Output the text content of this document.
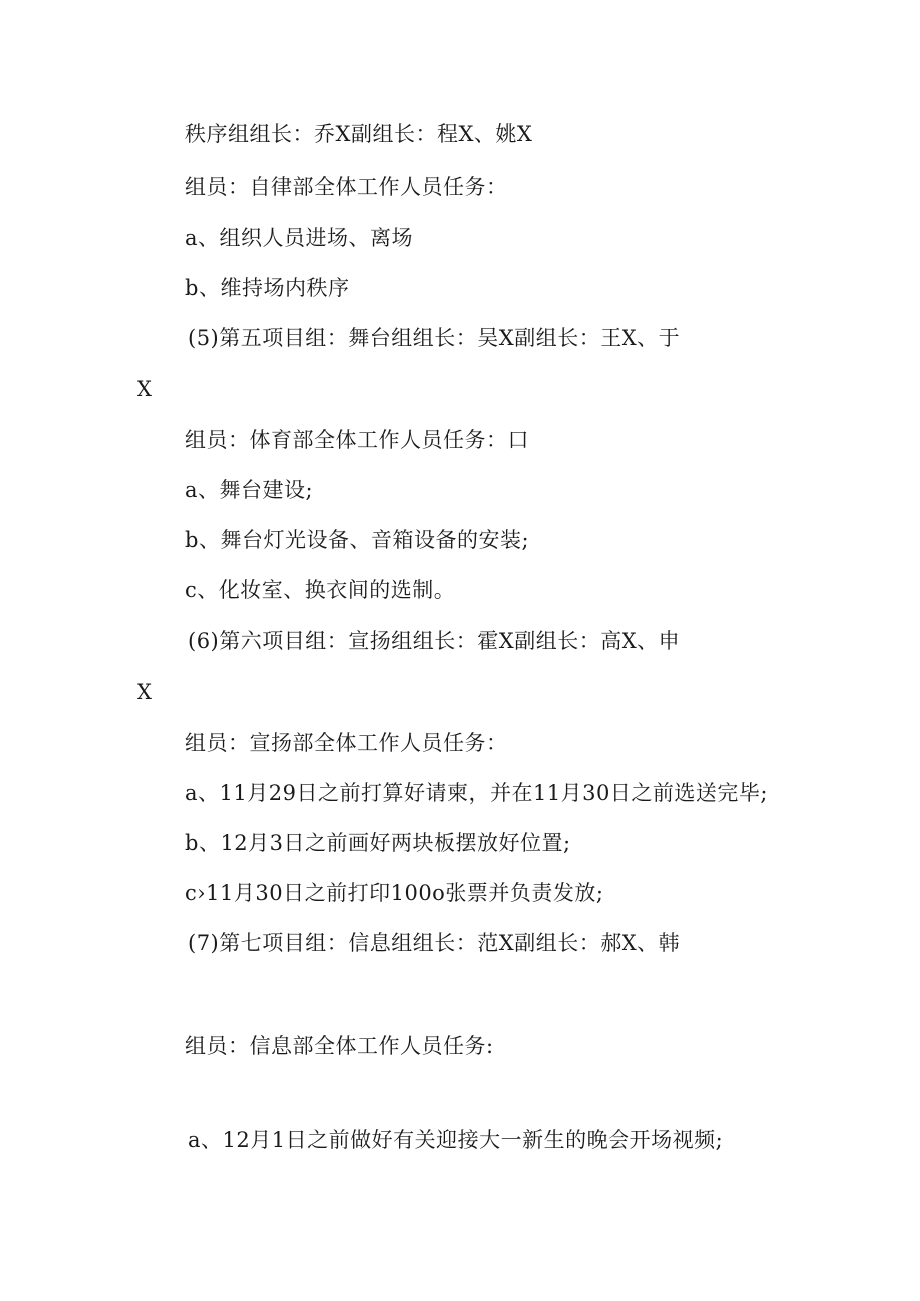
秩序组组长：乔X副组长：程X、姚X
组员：自律部全体工作人员任务：
a、组织人员进场、离场
b、维持场内秩序
(5)第五项目组：舞台组组长：吴X副组长：王X、于
X
组员：体育部全体工作人员任务：口
a、舞台建设;
b、舞台灯光设备、音箱设备的安装;
c、化妆室、换衣间的选制。
(6)第六项目组：宣扬组组长：霍X副组长：高X、申
X
组员：宣扬部全体工作人员任务：
a、11月29日之前打算好请柬，并在11月30日之前选送完毕;
b、12月3日之前画好两块板摆放好位置;
c›11月30日之前打印100o张票并负责发放;
(7)第七项目组：信息组组长：范X副组长：郝X、韩
组员：信息部全体工作人员任务:
a、12月1日之前做好有关迎接大一新生的晚会开场视频;
